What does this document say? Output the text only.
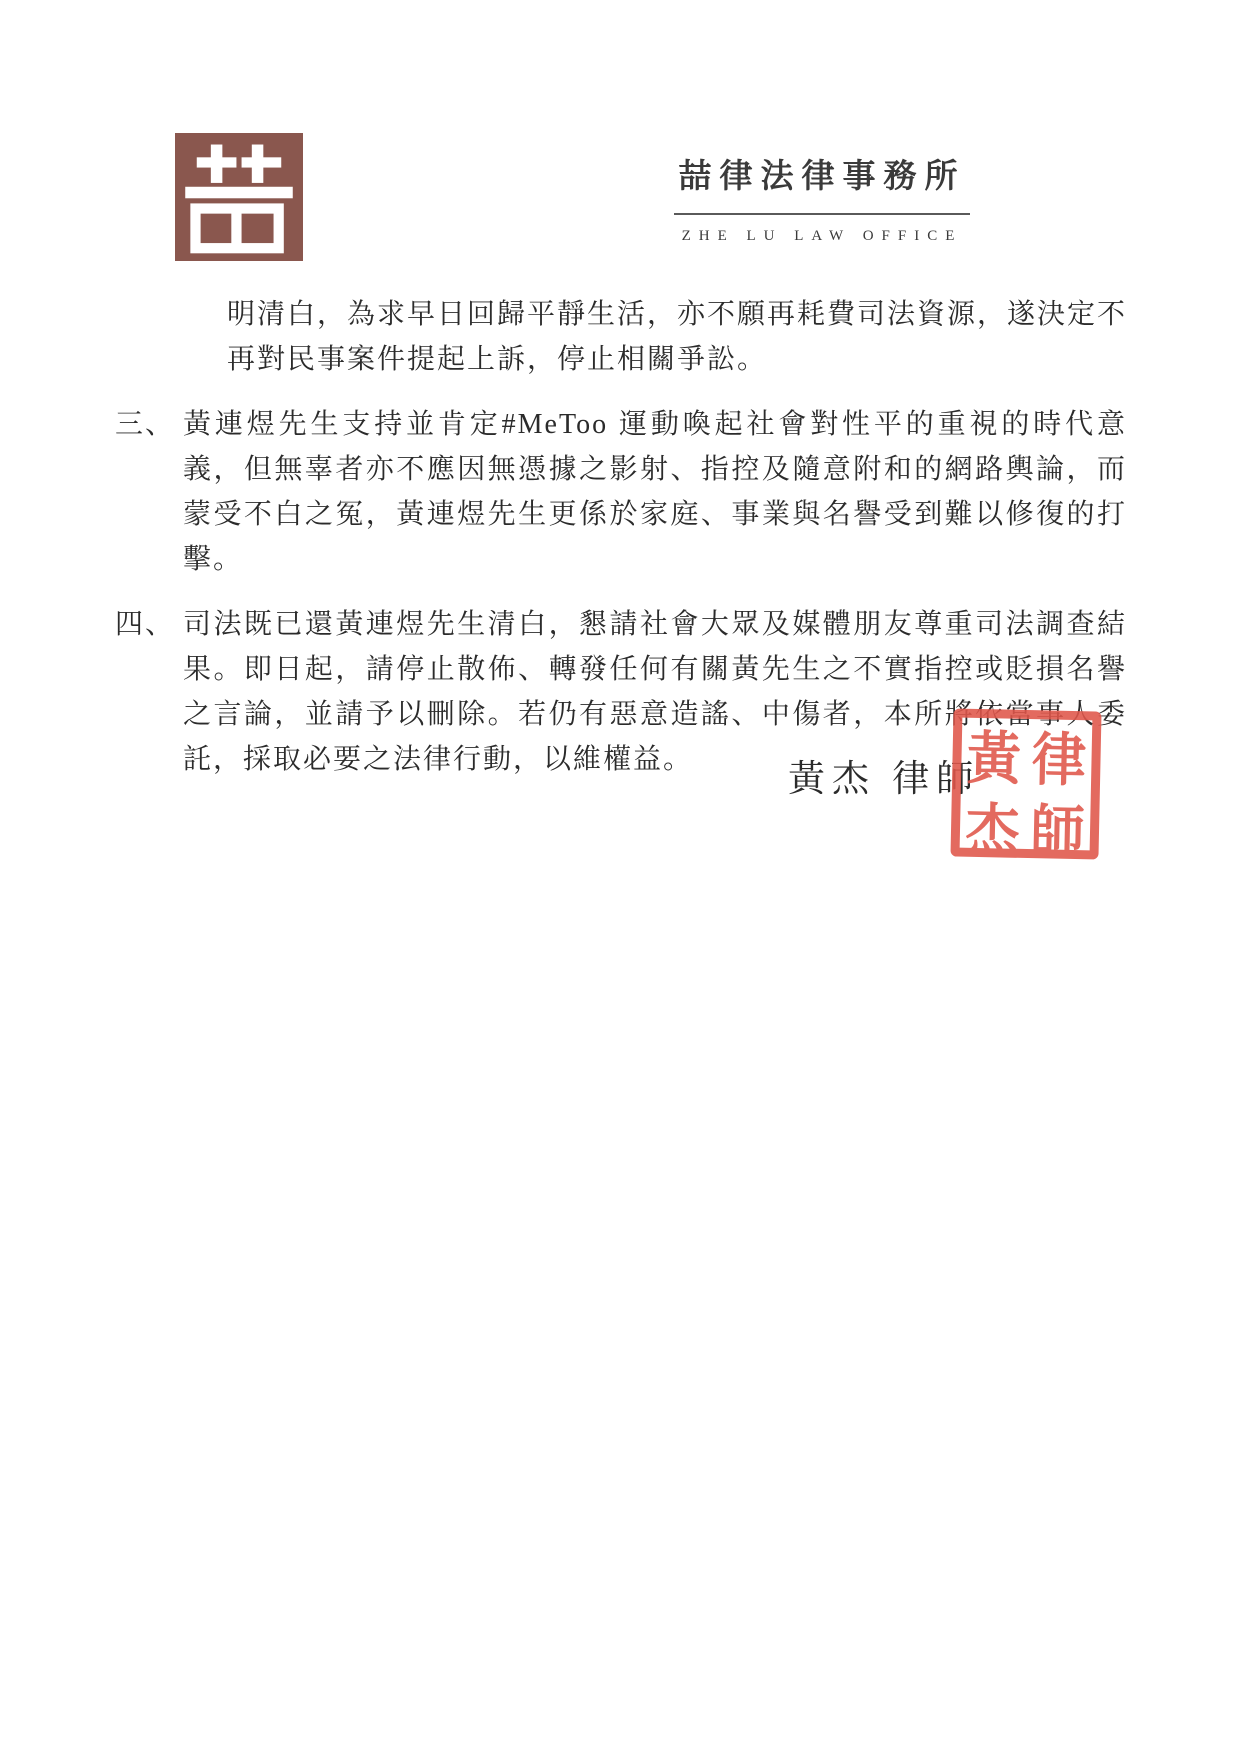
喆律法律事務所
ZHE LU LAW OFFICE

明清白，為求早日回歸平靜生活，亦不願再耗費司法資源，遂決定不再對民事案件提起上訴，停止相關爭訟。

三、 黃連煜先生支持並肯定#MeToo 運動喚起社會對性平的重視的時代意義，但無辜者亦不應因無憑據之影射、指控及隨意附和的網路輿論，而蒙受不白之冤，黃連煜先生更係於家庭、事業與名譽受到難以修復的打擊。
四、 司法既已還黃連煜先生清白，懇請社會大眾及媒體朋友尊重司法調查結果。即日起，請停止散佈、轉發任何有關黃先生之不實指控或貶損名譽之言論，並請予以刪除。若仍有惡意造謠、中傷者，本所將依當事人委託，採取必要之法律行動，以維權益。	黃杰 律師
黃 律
杰 師
